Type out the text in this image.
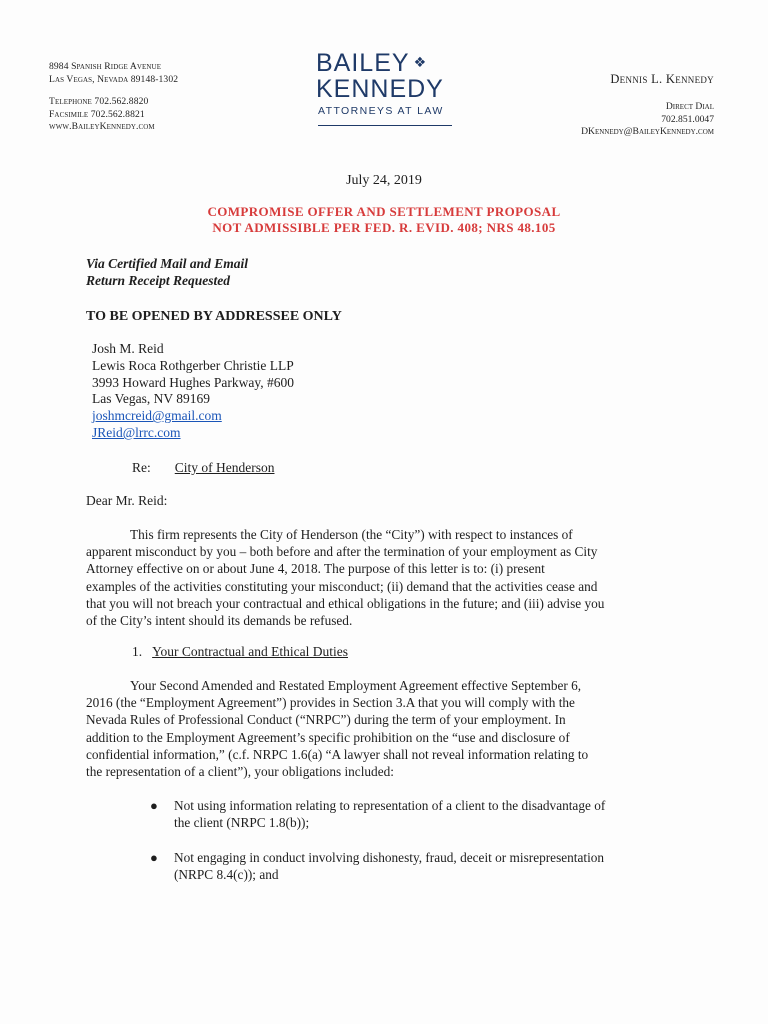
8984 Spanish Ridge Avenue
Las Vegas, Nevada 89148-1302
Telephone 702.562.8820
Facsimile 702.562.8821
www.BaileyKennedy.com
BAILEY ❖
KENNEDY
ATTORNEYS AT LAW
Dennis L. Kennedy
Direct Dial
702.851.0047
DKennedy@BaileyKennedy.com
July 24, 2019
COMPROMISE OFFER AND SETTLEMENT PROPOSAL
NOT ADMISSIBLE PER FED. R. EVID. 408; NRS 48.105
Via Certified Mail and Email
Return Receipt Requested
TO BE OPENED BY ADDRESSEE ONLY
Josh M. Reid
Lewis Roca Rothgerber Christie LLP
3993 Howard Hughes Parkway, #600
Las Vegas, NV 89169
joshmcreid@gmail.com
JReid@lrrc.com
Re: City of Henderson
Dear Mr. Reid:
This firm represents the City of Henderson (the “City”) with respect to instances of
apparent misconduct by you – both before and after the termination of your employment as City
Attorney effective on or about June 4, 2018. The purpose of this letter is to: (i) present
examples of the activities constituting your misconduct; (ii) demand that the activities cease and
that you will not breach your contractual and ethical obligations in the future; and (iii) advise you
of the City’s intent should its demands be refused.
1. Your Contractual and Ethical Duties
Your Second Amended and Restated Employment Agreement effective September 6,
2016 (the “Employment Agreement”) provides in Section 3.A that you will comply with the
Nevada Rules of Professional Conduct (“NRPC”) during the term of your employment. In
addition to the Employment Agreement’s specific prohibition on the “use and disclosure of
confidential information,” (c.f. NRPC 1.6(a) “A lawyer shall not reveal information relating to
the representation of a client”), your obligations included:
● Not using information relating to representation of a client to the disadvantage of
the client (NRPC 1.8(b));
● Not engaging in conduct involving dishonesty, fraud, deceit or misrepresentation
(NRPC 8.4(c)); and
